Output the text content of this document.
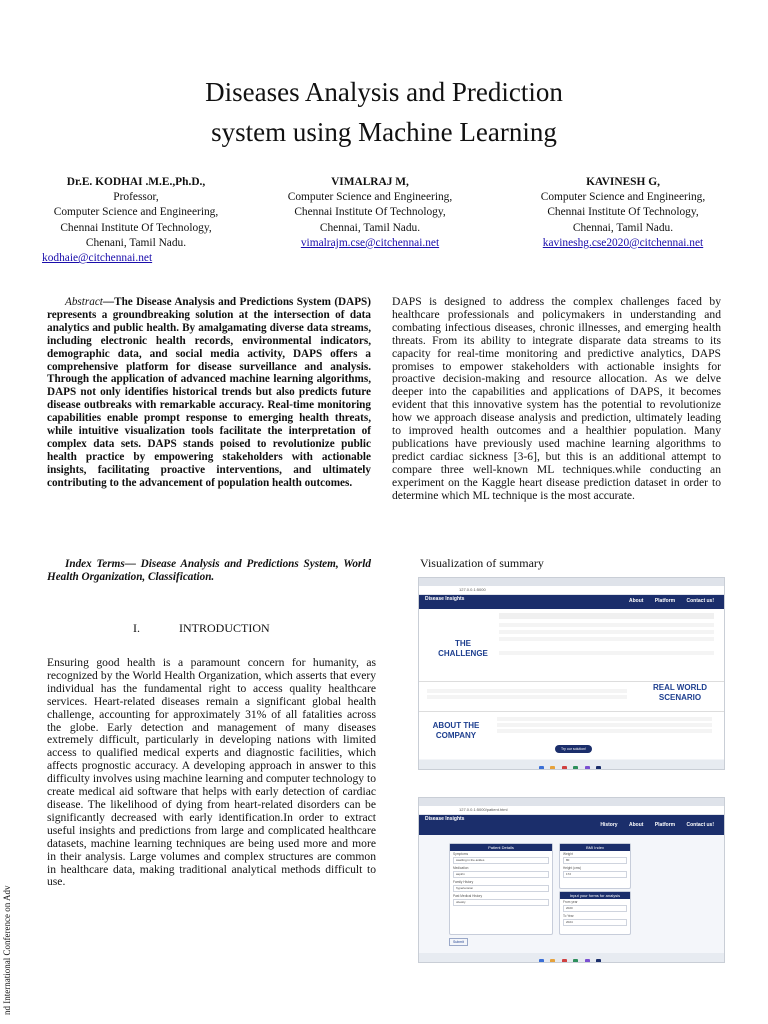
Diseases Analysis and Prediction
system using Machine Learning
Dr.E. KODHAI .M.E.,Ph.D.,
Professor,
Computer Science and Engineering,
Chennai Institute Of Technology,
Chenani, Tamil Nadu.
kodhaie@citchennai.net
VIMALRAJ M,
Computer Science and Engineering,
Chennai Institute Of Technology,
Chennai, Tamil Nadu.
vimalrajm.cse@citchennai.net
KAVINESH G,
Computer Science and Engineering,
Chennai Institute Of Technology,
Chennai, Tamil Nadu.
kavineshg.cse2020@citchennai.net
Abstract—The Disease Analysis and Predictions System (DAPS) represents a groundbreaking solution at the intersection of data analytics and public health. By amalgamating diverse data streams, including electronic health records, environmental indicators, demographic data, and social media activity, DAPS offers a comprehensive platform for disease surveillance and analysis. Through the application of advanced machine learning algorithms, DAPS not only identifies historical trends but also predicts future disease outbreaks with remarkable accuracy. Real-time monitoring capabilities enable prompt response to emerging health threats, while intuitive visualization tools facilitate the interpretation of complex data sets. DAPS stands poised to revolutionize public health practice by empowering stakeholders with actionable insights, facilitating proactive interventions, and ultimately contributing to the advancement of population health outcomes.
Index Terms— Disease Analysis and Predictions System, World Health Organization, Classification.
I.	INTRODUCTION
Ensuring good health is a paramount concern for humanity, as recognized by the World Health Organization, which asserts that every individual has the fundamental right to access quality healthcare services. Heart-related diseases remain a significant global health challenge, accounting for approximately 31% of all fatalities across the globe. Early detection and management of many diseases extremely difficult, particularly in developing nations with limited access to qualified medical experts and diagnostic facilities, which affects prognostic accuracy. A developing approach in answer to this difficulty involves using machine learning and computer technology to create medical aid software that helps with early detection of cardiac disease. The likelihood of dying from heart-related disorders can be significantly decreased with early identification.In order to extract useful insights and predictions from large and complicated healthcare datasets, machine learning techniques are being used more and more in their analysis. Large volumes and complex structures are common in healthcare data, making traditional analytical methods difficult to use.
DAPS is designed to address the complex challenges faced by healthcare professionals and policymakers in understanding and combating infectious diseases, chronic illnesses, and emerging health threats. From its ability to integrate disparate data streams to its capacity for real-time monitoring and predictive analytics, DAPS promises to empower stakeholders with actionable insights for proactive decision-making and resource allocation. As we delve deeper into the capabilities and applications of DAPS, it becomes evident that this innovative system has the potential to revolutionize how we approach disease analysis and prediction, ultimately leading to improved health outcomes and a healthier population. Many publications have previously used machine learning algorithms to predict cardiac sickness [3-6], but this is an additional attempt to compare three well-known ML techniques.while conducting an experiment on the Kaggle heart disease prediction dataset in order to determine which ML technique is the most accurate.
Visualization of summary
nd International Conference on Adv
127.0.0.1:5000
Disease Insights	About Platform Contact us!
THE CHALLENGE
REAL WORLD SCENARIO
ABOUT THE COMPANY
Try our solution!

127.0.0.1:5000/patient.html
Disease Insights
History About Platform Contact us!
Patient Details
Symptoms
swelling in the ankles
Medication
aspirin
Family History
hypertension
Past Medical History
obesity
BMI Index
Weight
80
Height (cms)
172
Input your forms for analysis
From year
2020
To Year
2024
Submit
